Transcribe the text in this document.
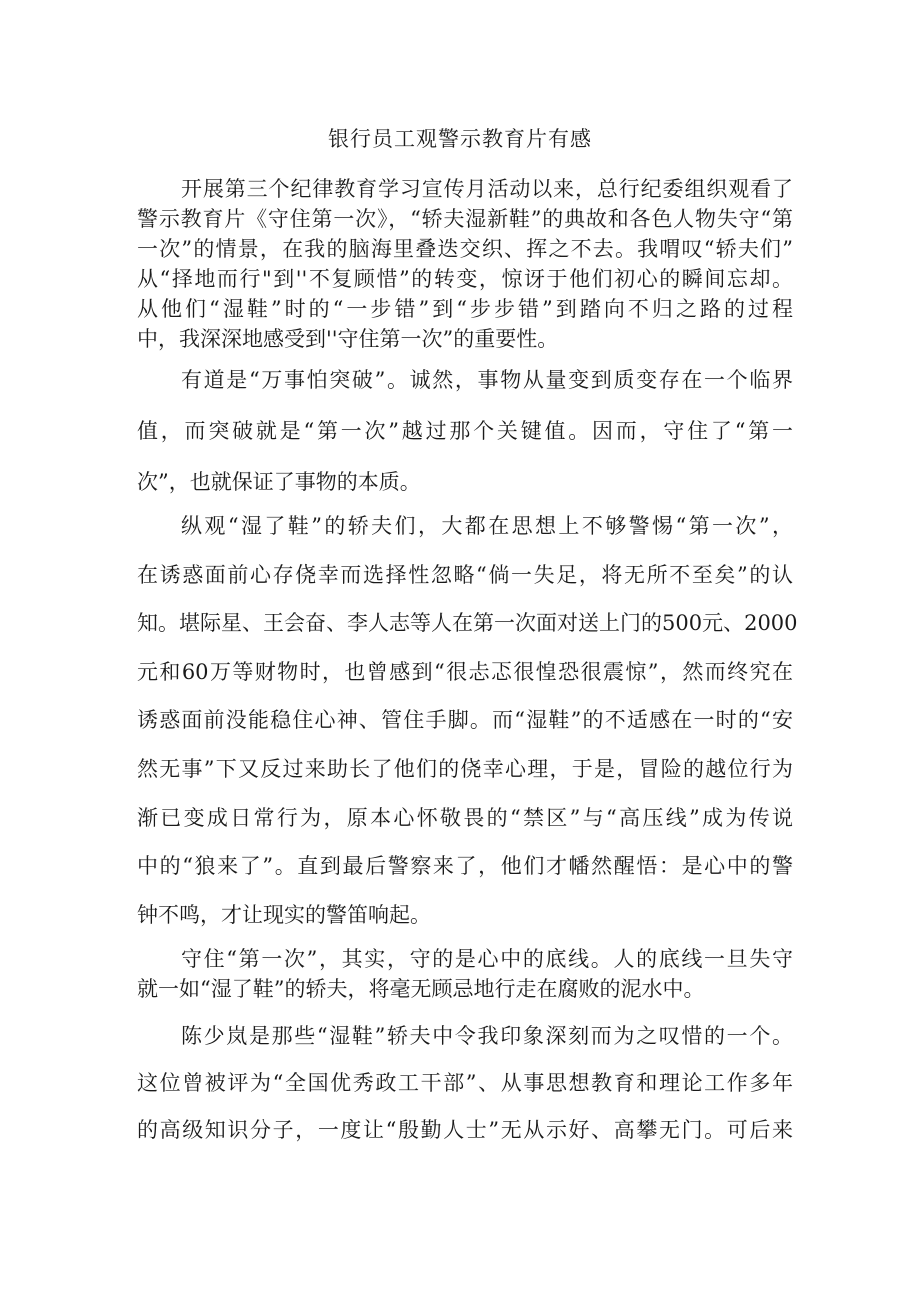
银行员工观警示教育片有感
开展第三个纪律教育学习宣传月活动以来，总行纪委组织观看了
警示教育片《守住第一次》，“轿夫湿新鞋”的典故和各色人物失守“第
一次”的情景，在我的脑海里叠迭交织、挥之不去。我喟叹“轿夫们”
从“择地而行"到''不复顾惜”的转变，惊讶于他们初心的瞬间忘却。
从他们“湿鞋”时的“一步错”到“步步错”到踏向不归之路的过程
中，我深深地感受到''守住第一次”的重要性。
有道是“万事怕突破”。诚然，事物从量变到质变存在一个临界
值，而突破就是“第一次”越过那个关键值。因而，守住了“第一
次”，也就保证了事物的本质。
纵观“湿了鞋”的轿夫们，大都在思想上不够警惕“第一次”，
在诱惑面前心存侥幸而选择性忽略“倘一失足，将无所不至矣”的认
知。堪际星、王会奋、李人志等人在第一次面对送上门的500元、2000
元和60万等财物时，也曾感到“很忐忑很惶恐很震惊”，然而终究在
诱惑面前没能稳住心神、管住手脚。而“湿鞋”的不适感在一时的“安
然无事”下又反过来助长了他们的侥幸心理，于是，冒险的越位行为
渐已变成日常行为，原本心怀敬畏的“禁区”与“高压线”成为传说
中的“狼来了”。直到最后警察来了，他们才幡然醒悟：是心中的警
钟不鸣，才让现实的警笛响起。
守住“第一次”，其实，守的是心中的底线。人的底线一旦失守
就一如“湿了鞋”的轿夫，将毫无顾忌地行走在腐败的泥水中。
陈少岚是那些“湿鞋”轿夫中令我印象深刻而为之叹惜的一个。
这位曾被评为“全国优秀政工干部”、从事思想教育和理论工作多年
的高级知识分子，一度让“殷勤人士”无从示好、高攀无门。可后来
